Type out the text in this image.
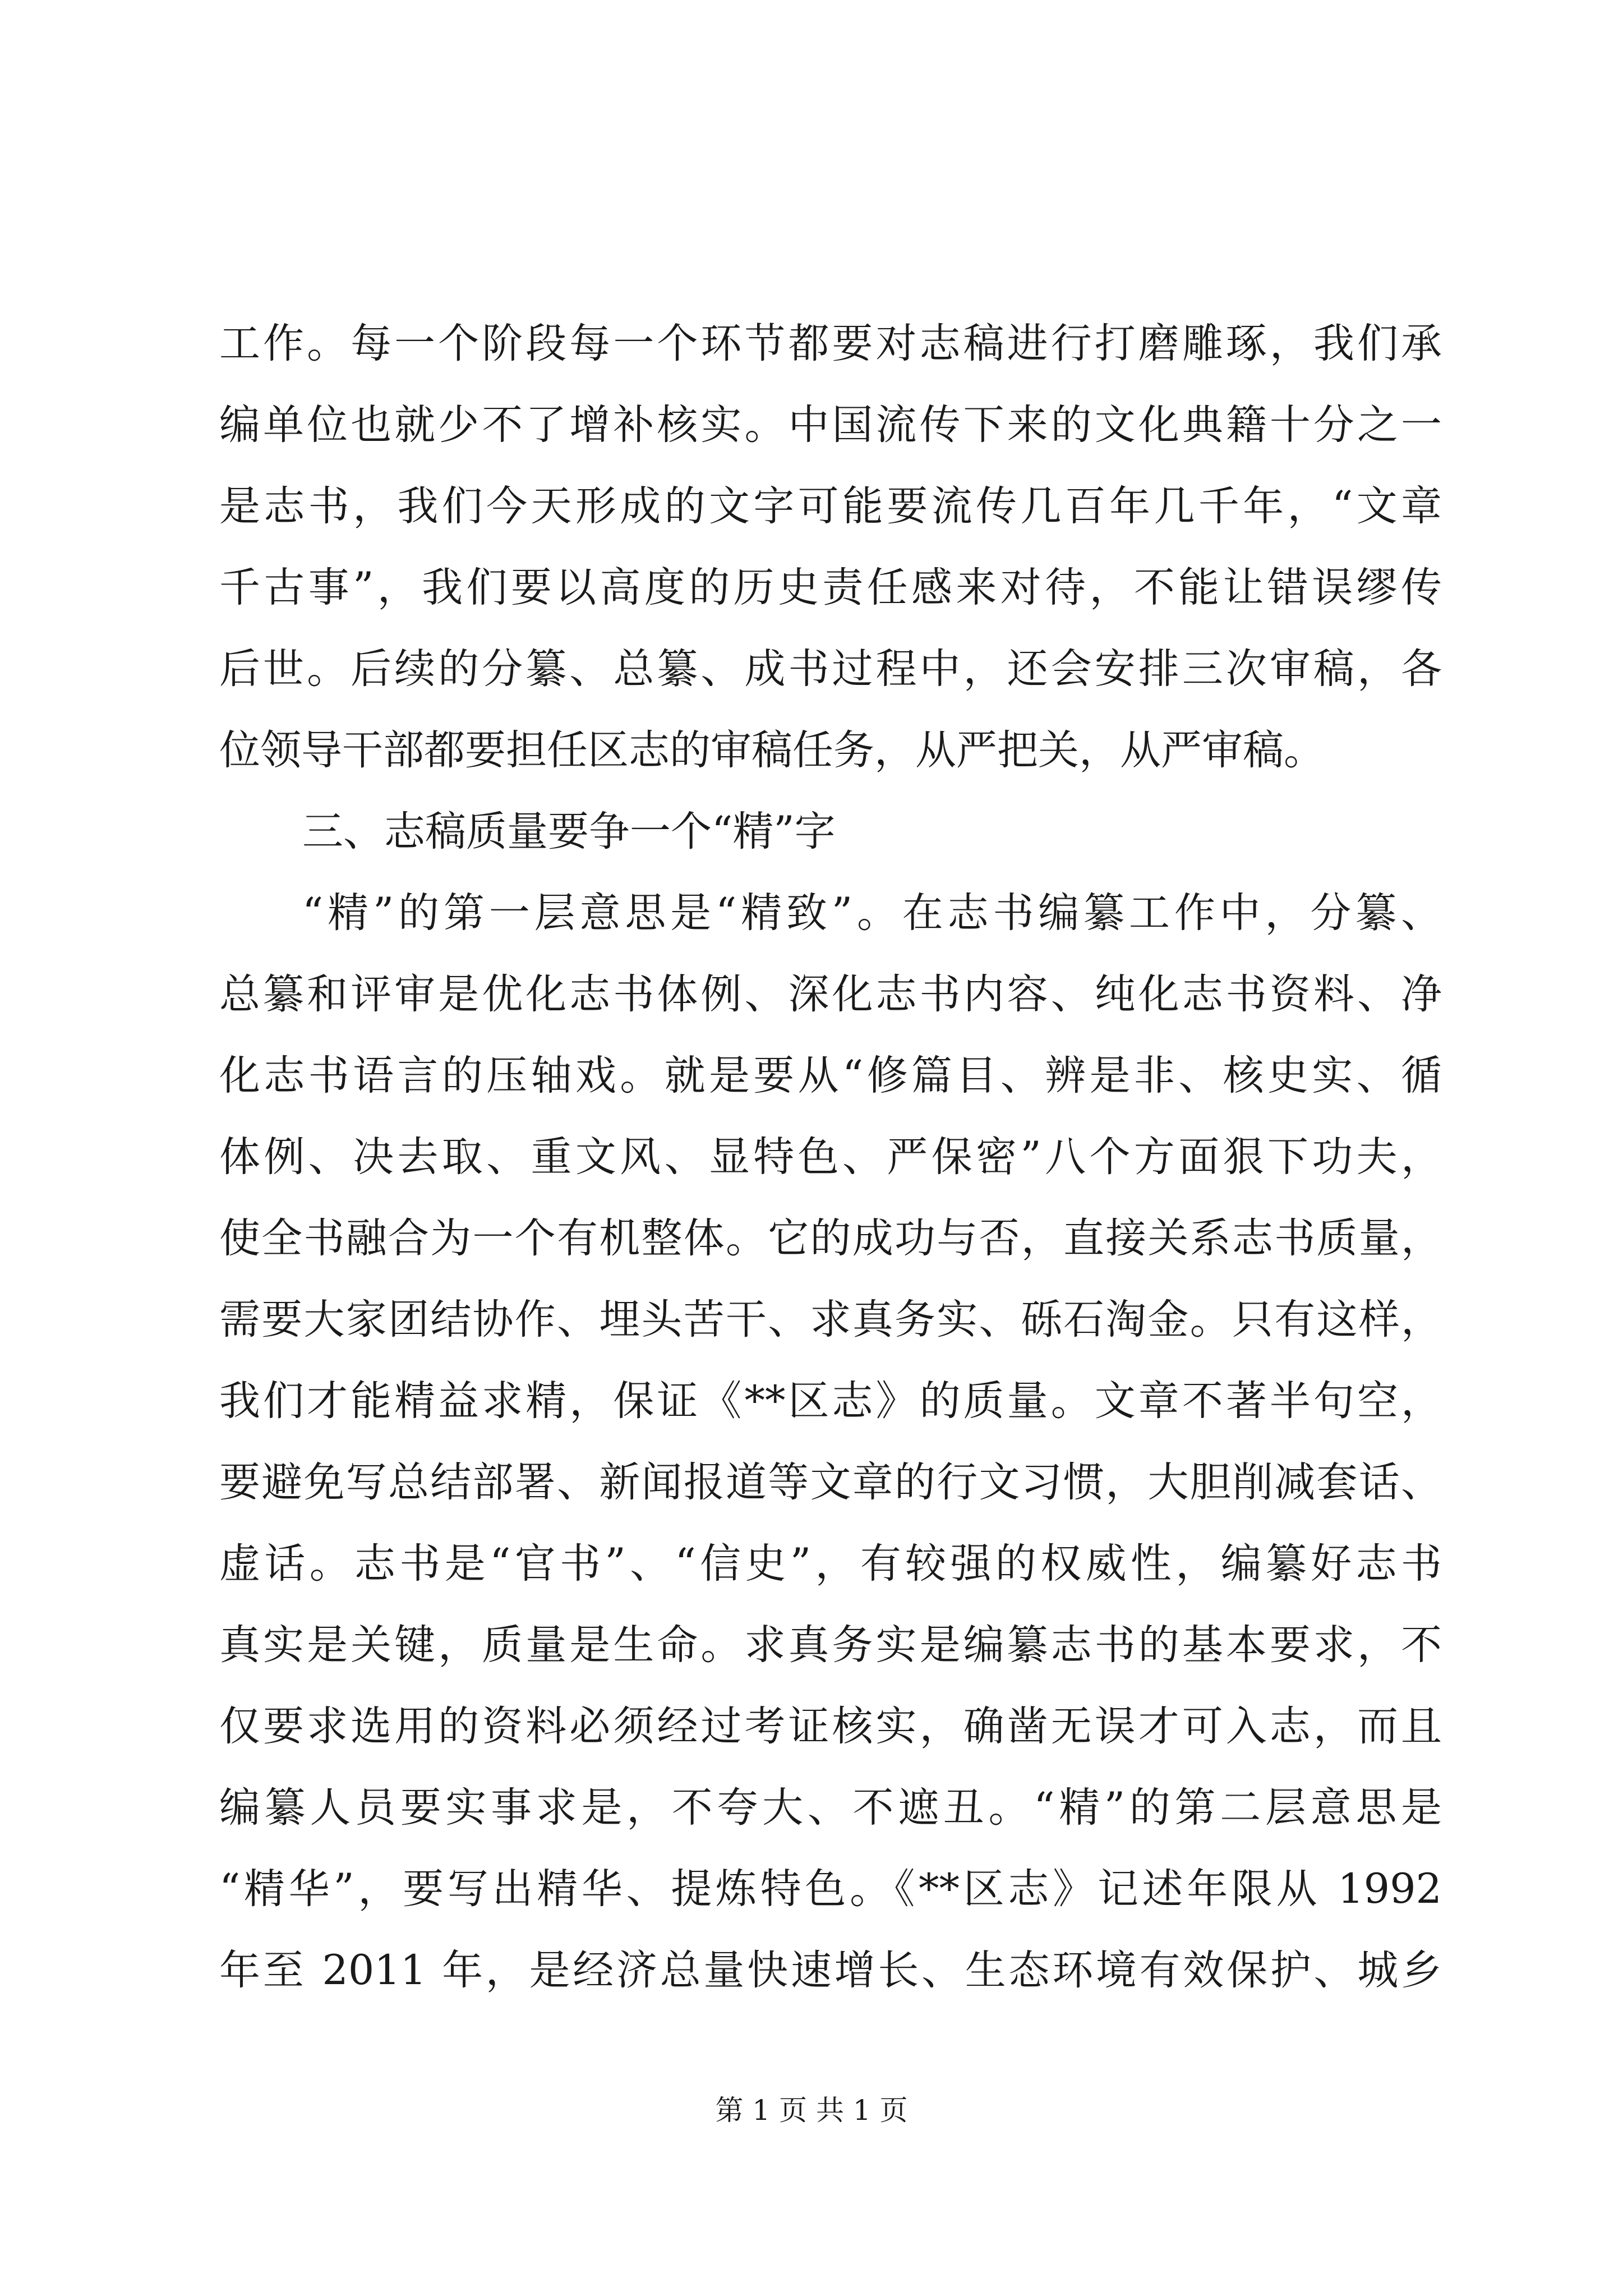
工作。每一个阶段每一个环节都要对志稿进行打磨雕琢，我们承
编单位也就少不了增补核实。中国流传下来的文化典籍十分之一
是志书，我们今天形成的文字可能要流传几百年几千年，“文章
千古事”，我们要以高度的历史责任感来对待，不能让错误缪传
后世。后续的分纂、总纂、成书过程中，还会安排三次审稿，各
位领导干部都要担任区志的审稿任务，从严把关，从严审稿。
三、志稿质量要争一个“精”字
“精”的第一层意思是“精致”。在志书编纂工作中，分纂、
总纂和评审是优化志书体例、深化志书内容、纯化志书资料、净
化志书语言的压轴戏。就是要从“修篇目、辨是非、核史实、循
体例、决去取、重文风、显特色、严保密”八个方面狠下功夫，
使全书融合为一个有机整体。它的成功与否，直接关系志书质量，
需要大家团结协作、埋头苦干、求真务实、砾石淘金。只有这样，
我们才能精益求精，保证《**区志》的质量。文章不著半句空，
要避免写总结部署、新闻报道等文章的行文习惯，大胆削减套话、
虚话。志书是“官书”、“信史”，有较强的权威性，编纂好志书
真实是关键，质量是生命。求真务实是编纂志书的基本要求，不
仅要求选用的资料必须经过考证核实，确凿无误才可入志，而且
编纂人员要实事求是，不夸大、不遮丑。“精”的第二层意思是
“精华”，要写出精华、提炼特色。《**区志》记述年限从 1992
年至 2011 年，是经济总量快速增长、生态环境有效保护、城乡
第 1 页 共 1 页
